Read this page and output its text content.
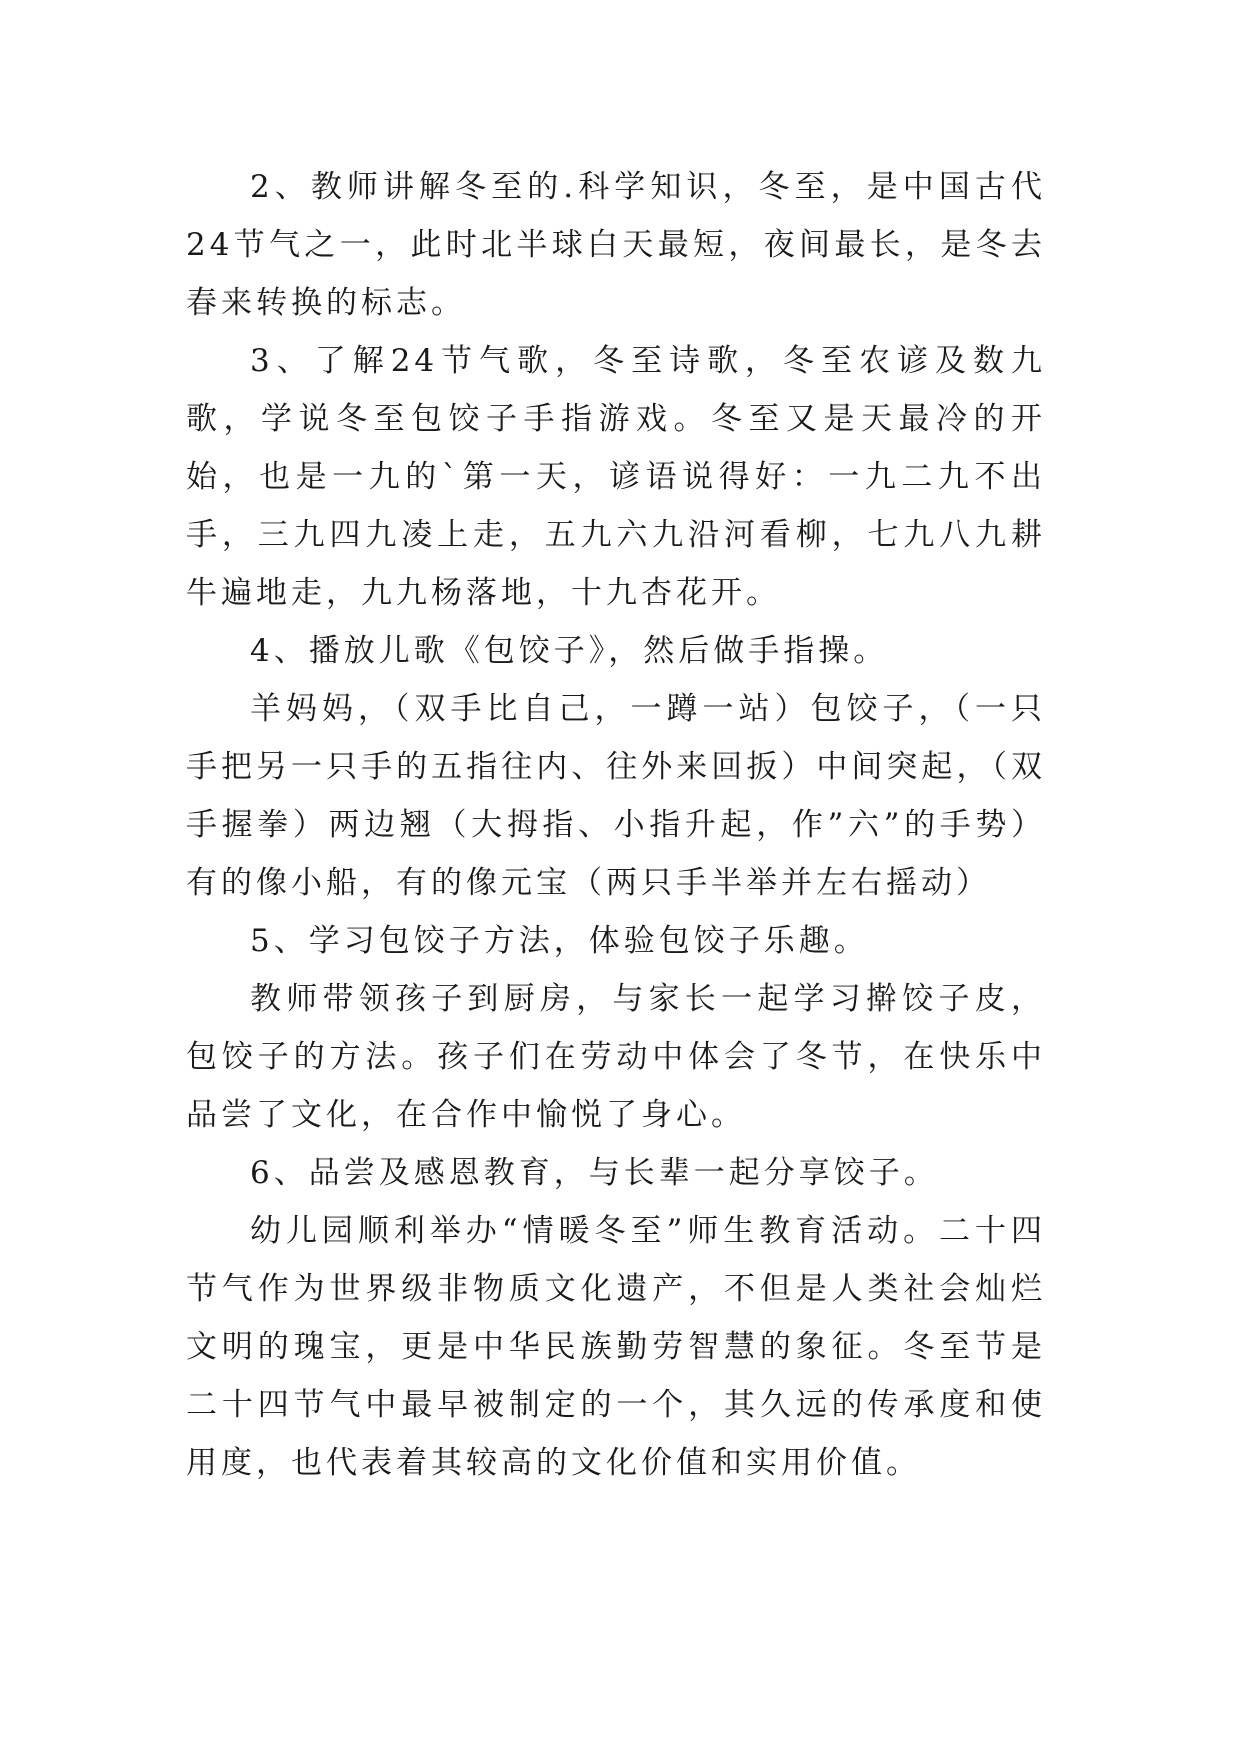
2、教师讲解冬至的.科学知识，冬至，是中国古代24节气之一，此时北半球白天最短，夜间最长，是冬去春来转换的标志。

3、了解24节气歌，冬至诗歌，冬至农谚及数九歌，学说冬至包饺子手指游戏。冬至又是天最冷的开始，也是一九的`第一天，谚语说得好：一九二九不出手，三九四九凌上走，五九六九沿河看柳，七九八九耕牛遍地走，九九杨落地，十九杏花开。

4、播放儿歌《包饺子》，然后做手指操。

羊妈妈，（双手比自己，一蹲一站）包饺子，（一只手把另一只手的五指往内、往外来回扳）中间突起，（双手握拳）两边翘（大拇指、小指升起，作”六”的手势）有的像小船，有的像元宝（两只手半举并左右摇动）

5、学习包饺子方法，体验包饺子乐趣。

教师带领孩子到厨房，与家长一起学习擀饺子皮，包饺子的方法。孩子们在劳动中体会了冬节，在快乐中品尝了文化，在合作中愉悦了身心。

6、品尝及感恩教育，与长辈一起分享饺子。

幼儿园顺利举办“情暖冬至”师生教育活动。二十四节气作为世界级非物质文化遗产，不但是人类社会灿烂文明的瑰宝，更是中华民族勤劳智慧的象征。冬至节是二十四节气中最早被制定的一个，其久远的传承度和使用度，也代表着其较高的文化价值和实用价值。
